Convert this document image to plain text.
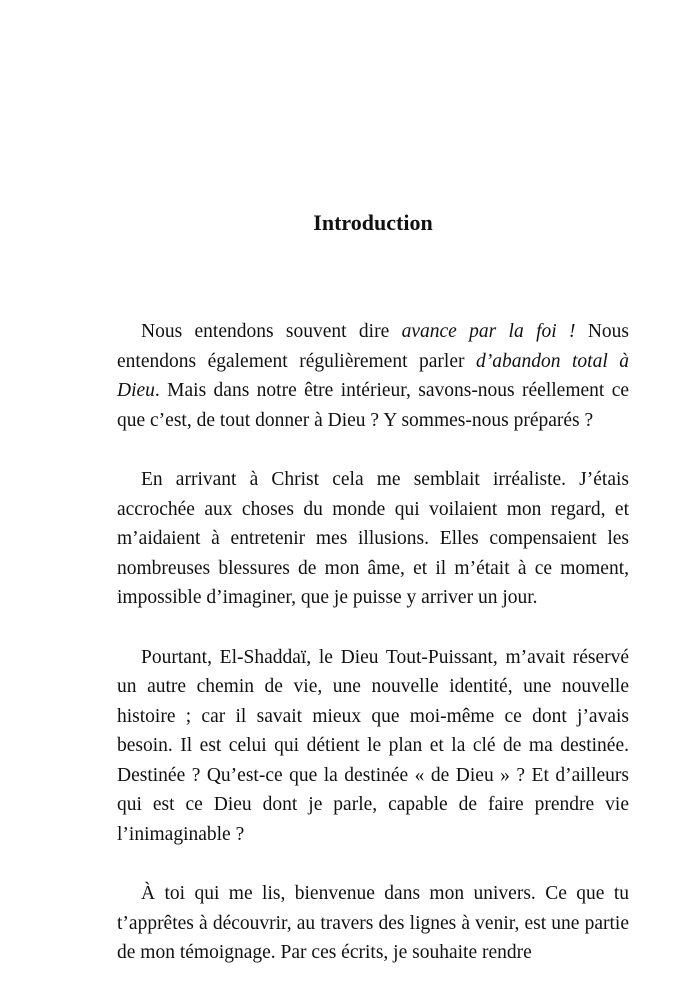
Introduction

Nous entendons souvent dire avance par la foi ! Nous entendons également régulièrement parler d’abandon total à Dieu. Mais dans notre être intérieur, savons-nous réellement ce que c’est, de tout donner à Dieu ? Y sommes-nous préparés ?

En arrivant à Christ cela me semblait irréaliste. J’étais accrochée aux choses du monde qui voilaient mon regard, et m’aidaient à entretenir mes illusions. Elles compensaient les nombreuses blessures de mon âme, et il m’était à ce moment, impossible d’imaginer, que je puisse y arriver un jour.

Pourtant, El-Shaddaï, le Dieu Tout-Puissant, m’avait réservé un autre chemin de vie, une nouvelle identité, une nouvelle histoire ; car il savait mieux que moi-même ce dont j’avais besoin. Il est celui qui détient le plan et la clé de ma destinée. Destinée ? Qu’est-ce que la destinée « de Dieu » ? Et d’ailleurs qui est ce Dieu dont je parle, capable de faire prendre vie l’inimaginable ?

À toi qui me lis, bienvenue dans mon univers. Ce que tu t’apprêtes à découvrir, au travers des lignes à venir, est une partie de mon témoignage. Par ces écrits, je souhaite rendre
